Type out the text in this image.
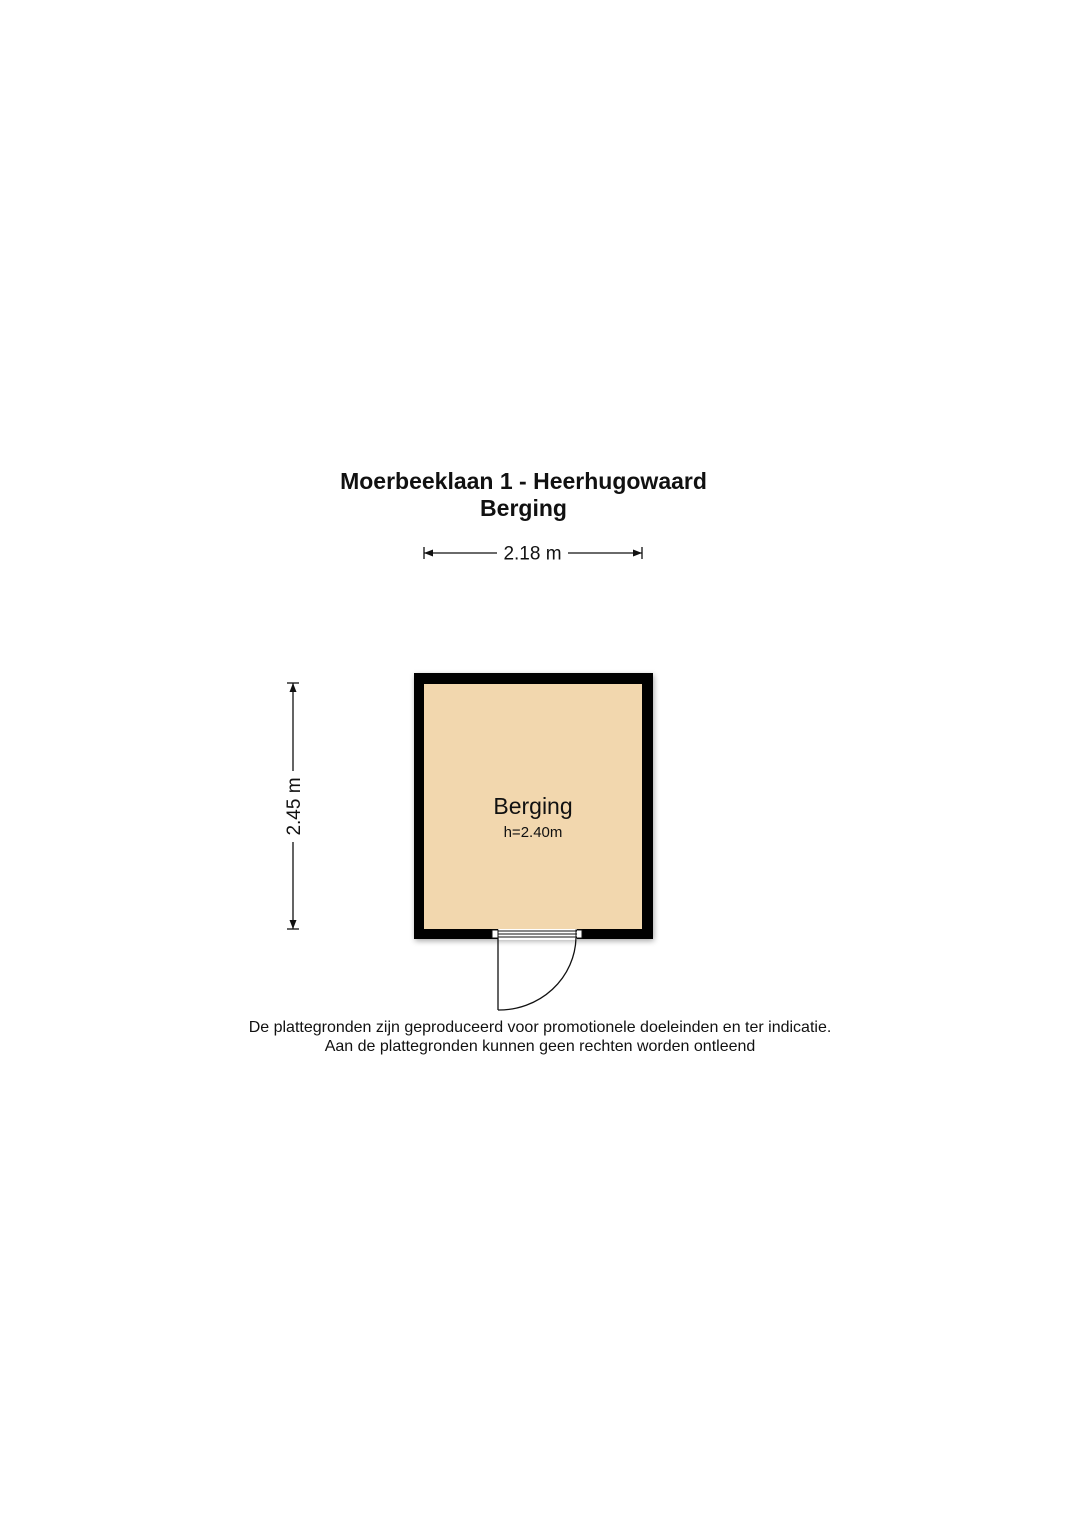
Moerbeeklaan 1 - Heerhugowaard
Berging
2.18 m
2.45 m	Berging
h=2.40m
De plattegronden zijn geproduceerd voor promotionele doeleinden en ter indicatie.
Aan de plattegronden kunnen geen rechten worden ontleend
